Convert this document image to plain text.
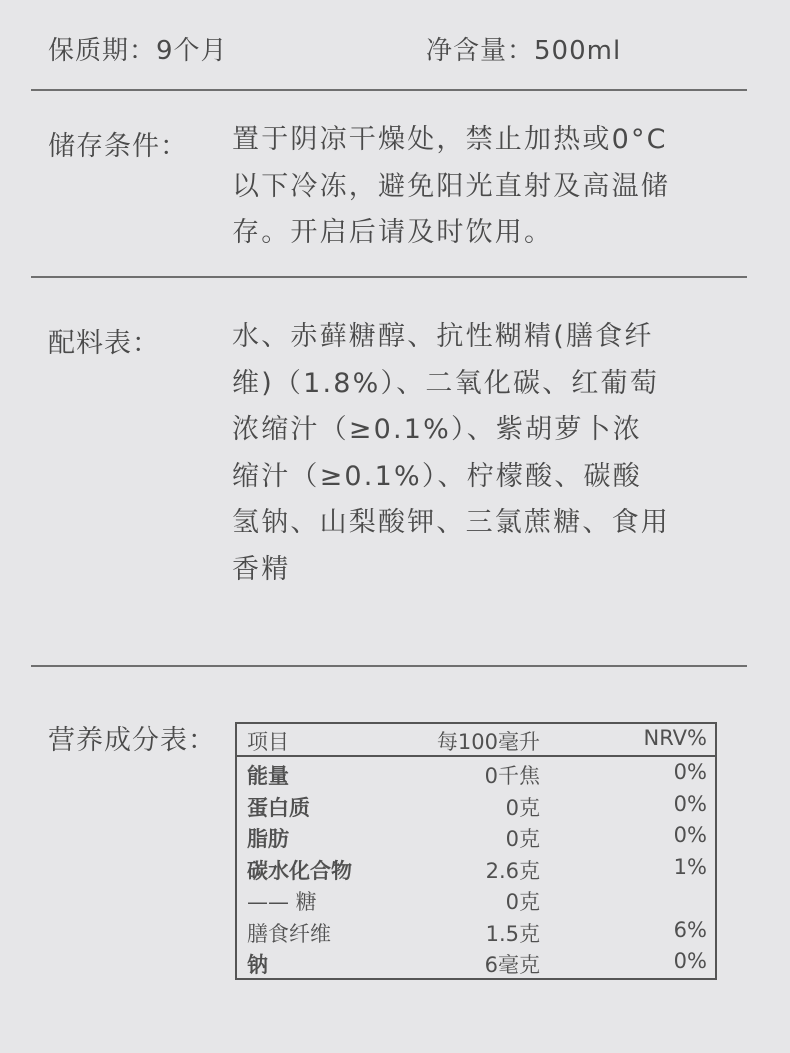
保质期：9个月	净含量：500ml
储存条件： 置于阴凉干燥处，禁止加热或0°C
以下冷冻，避免阳光直射及高温储
存。开启后请及时饮用。
配料表：	水、赤藓糖醇、抗性糊精(膳食纤
维)（1.8%）、二氧化碳、红葡萄
浓缩汁（≥0.1%）、紫胡萝卜浓
缩汁（≥0.1%）、柠檬酸、碳酸
氢钠、山梨酸钾、三氯蔗糖、食用
香精
营养成分表： 项目	每100毫升	NRV%
能量	0千焦	0%
蛋白质	0克	0%
脂肪	0克	0%
碳水化合物	2.6克	1%
—— 糖	0克
膳食纤维	1.5克	6%
钠	6毫克	0%
